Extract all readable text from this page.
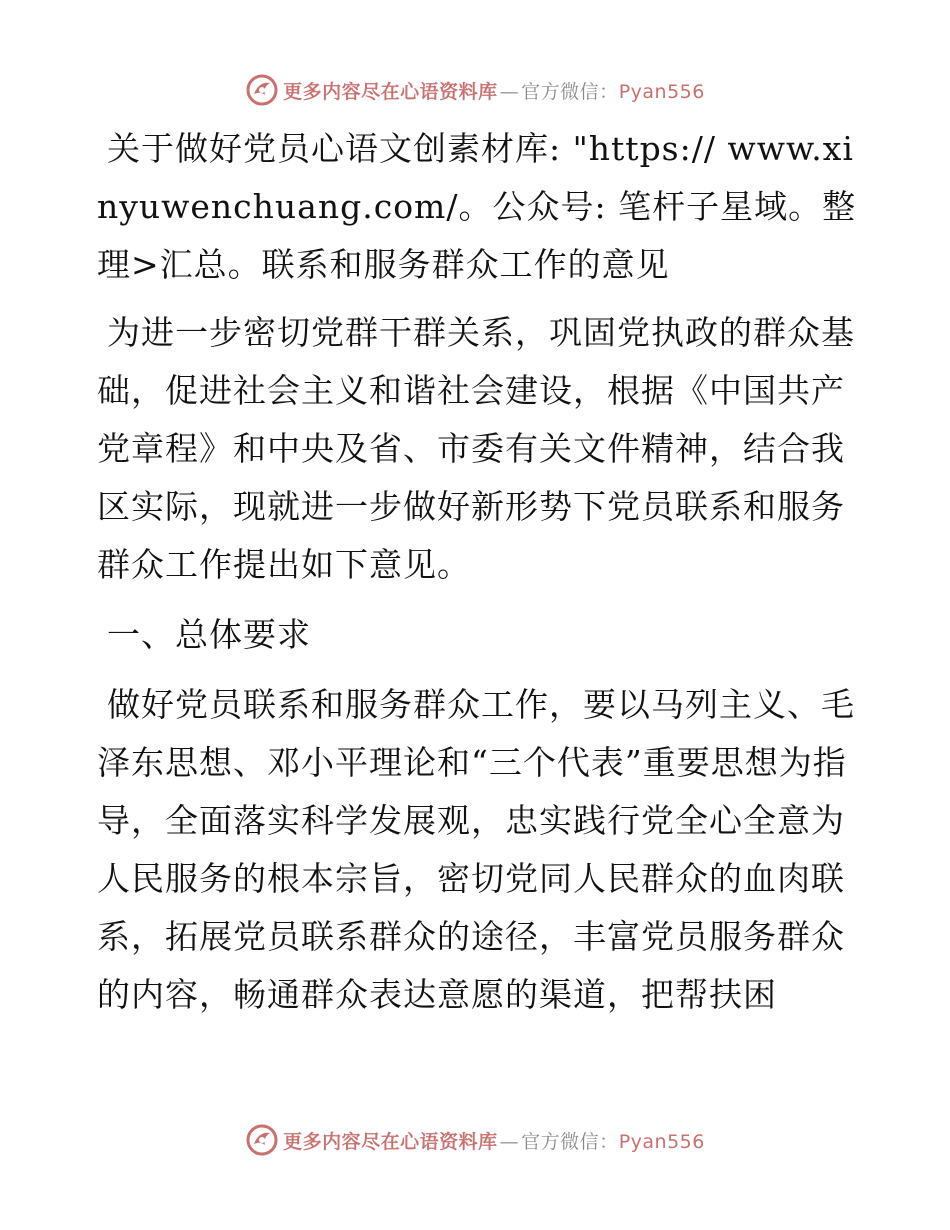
更多内容尽在心语资料库 — 官方微信：Pyan556

关于做好党员心语文创素材库: "https:// www.xinyuwenchuang.com/。公众号: 笔杆子星域。整理>汇总。联系和服务群众工作的意见

为进一步密切党群干群关系，巩固党执政的群众基础，促进社会主义和谐社会建设，根据《中国共产党章程》和中央及省、市委有关文件精神，结合我区实际，现就进一步做好新形势下党员联系和服务群众工作提出如下意见。

一、总体要求

做好党员联系和服务群众工作，要以马列主义、毛泽东思想、邓小平理论和“三个代表”重要思想为指导，全面落实科学发展观，忠实践行党全心全意为人民服务的根本宗旨，密切党同人民群众的血肉联系，拓展党员联系群众的途径，丰富党员服务群众的内容，畅通群众表达意愿的渠道，把帮扶困

更多内容尽在心语资料库 — 官方微信：Pyan556
